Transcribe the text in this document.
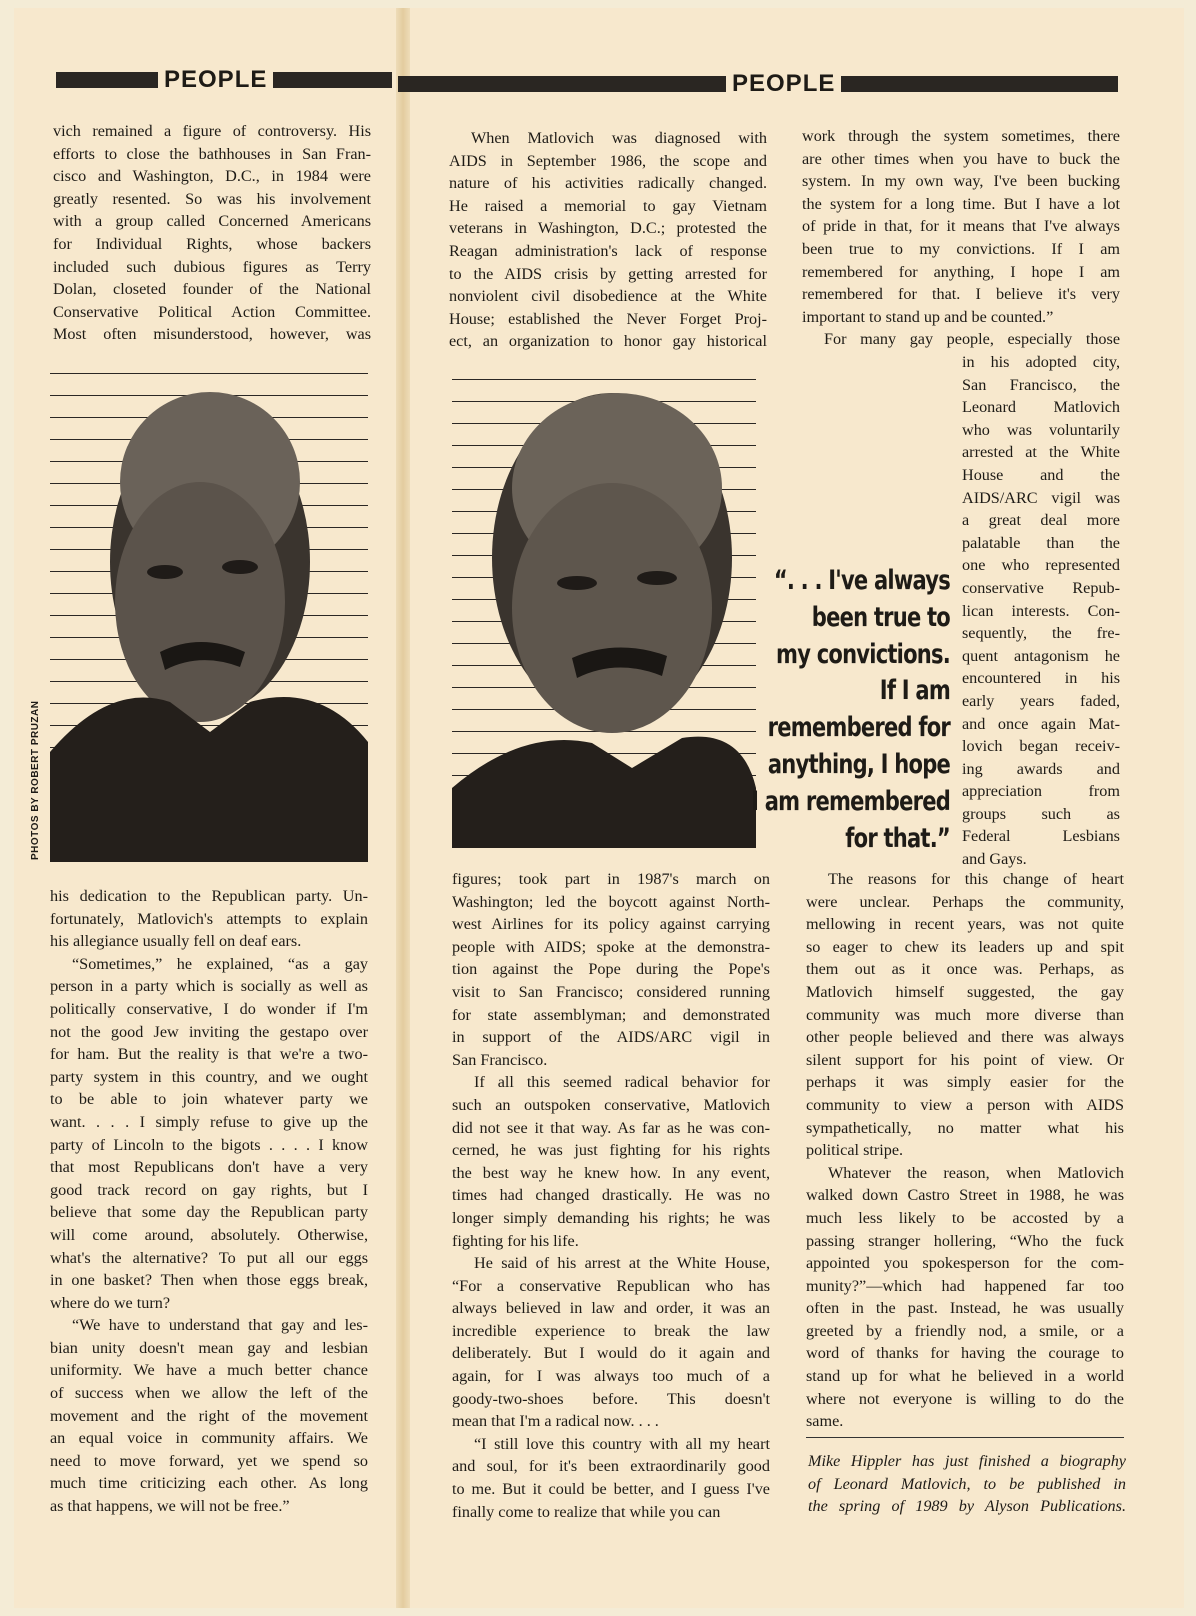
PEOPLE	PEOPLE

vich remained a figure of controversy. His

efforts to close the bathhouses in San Fran-

cisco and Washington, D.C., in 1984 were

greatly resented. So was his involvement

with a group called Concerned Americans

for Individual Rights, whose backers

included such dubious figures as Terry

Dolan, closeted founder of the National

Conservative Political Action Committee.

Most often misunderstood, however, was

PHOTOS BY ROBERT PRUZAN

his dedication to the Republican party. Un-

fortunately, Matlovich's attempts to explain

his allegiance usually fell on deaf ears.

“Sometimes,” he explained, “as a gay

person in a party which is socially as well as

politically conservative, I do wonder if I'm

not the good Jew inviting the gestapo over

for ham. But the reality is that we're a two-

party system in this country, and we ought

to be able to join whatever party we

want. . . . I simply refuse to give up the

party of Lincoln to the bigots . . . . I know

that most Republicans don't have a very

good track record on gay rights, but I

believe that some day the Republican party

will come around, absolutely. Otherwise,

what's the alternative? To put all our eggs

in one basket? Then when those eggs break,

where do we turn?

“We have to understand that gay and les-

bian unity doesn't mean gay and lesbian

uniformity. We have a much better chance

of success when we allow the left of the

movement and the right of the movement

an equal voice in community affairs. We

need to move forward, yet we spend so

much time criticizing each other. As long

as that happens, we will not be free.”

When Matlovich was diagnosed with

AIDS in September 1986, the scope and

nature of his activities radically changed.

He raised a memorial to gay Vietnam

veterans in Washington, D.C.; protested the

Reagan administration's lack of response

to the AIDS crisis by getting arrested for

nonviolent civil disobedience at the White

House; established the Never Forget Proj-

ect, an organization to honor gay historical

figures; took part in 1987's march on

Washington; led the boycott against North-

west Airlines for its policy against carrying

people with AIDS; spoke at the demonstra-

tion against the Pope during the Pope's

visit to San Francisco; considered running

for state assemblyman; and demonstrated

in support of the AIDS/ARC vigil in

San Francisco.

If all this seemed radical behavior for

such an outspoken conservative, Matlovich

did not see it that way. As far as he was con-

cerned, he was just fighting for his rights

the best way he knew how. In any event,

times had changed drastically. He was no

longer simply demanding his rights; he was

fighting for his life.

He said of his arrest at the White House,

“For a conservative Republican who has

always believed in law and order, it was an

incredible experience to break the law

deliberately. But I would do it again and

again, for I was always too much of a

goody-two-shoes before. This doesn't

mean that I'm a radical now. . . .

“I still love this country with all my heart

and soul, for it's been extraordinarily good

to me. But it could be better, and I guess I've

finally come to realize that while you can

“. . . I've always

been true to

my convictions.

If I am

remembered for

anything, I hope

I am remembered

for that.”

work through the system sometimes, there

are other times when you have to buck the

system. In my own way, I've been bucking

the system for a long time. But I have a lot

of pride in that, for it means that I've always

been true to my convictions. If I am

remembered for anything, I hope I am

remembered for that. I believe it's very

important to stand up and be counted.”

For many gay people, especially those

in his adopted city,

San Francisco, the

Leonard Matlovich

who was voluntarily

arrested at the White

House and the

AIDS/ARC vigil was

a great deal more

palatable than the

one who represented

conservative Repub-

lican interests. Con-

sequently, the fre-

quent antagonism he

encountered in his

early years faded,

and once again Mat-

lovich began receiv-

ing awards and

appreciation from

groups such as

Federal Lesbians

and Gays.

The reasons for this change of heart

were unclear. Perhaps the community,

mellowing in recent years, was not quite

so eager to chew its leaders up and spit

them out as it once was. Perhaps, as

Matlovich himself suggested, the gay

community was much more diverse than

other people believed and there was always

silent support for his point of view. Or

perhaps it was simply easier for the

community to view a person with AIDS

sympathetically, no matter what his

political stripe.

Whatever the reason, when Matlovich

walked down Castro Street in 1988, he was

much less likely to be accosted by a

passing stranger hollering, “Who the fuck

appointed you spokesperson for the com-

munity?”—which had happened far too

often in the past. Instead, he was usually

greeted by a friendly nod, a smile, or a

word of thanks for having the courage to

stand up for what he believed in a world

where not everyone is willing to do the

same.

Mike Hippler has just finished a biography

of Leonard Matlovich, to be published in

the spring of 1989 by Alyson Publications.
